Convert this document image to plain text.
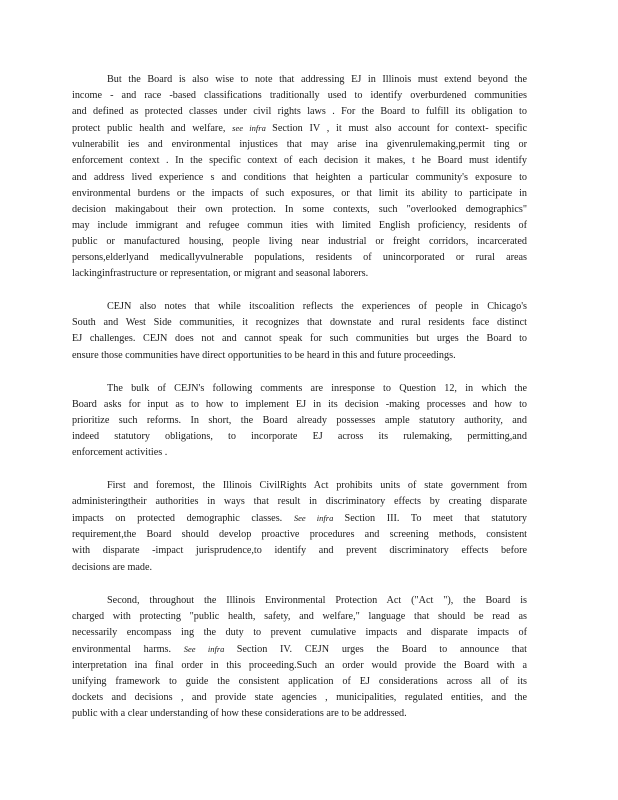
But the Board is also wise to note that addressing EJ in Illinois must extend beyond the
income - and race -based classifications traditionally used to identify overburdened communities
and defined as protected classes under civil rights laws . For the Board to fulfill its obligation to
protect public health and welfare, see infra Section IV , it must also account for context- specific
vulnerabilit ies and environmental injustices that may arise ina givenrulemaking,permit ting or
enforcement context . In the specific context of each decision it makes, t he Board must identify
and address lived experience s and conditions that heighten a particular community's exposure to
environmental burdens or the impacts of such exposures, or that limit its ability to participate in
decision makingabout their own protection. In some contexts, such "overlooked demographics"
may include immigrant and refugee commun ities with limited English proficiency, residents of
public or manufactured housing, people living near industrial or freight corridors, incarcerated
persons,elderlyand medicallyvulnerable populations, residents of unincorporated or rural areas
lackinginfrastructure or representation, or migrant and seasonal laborers.
CEJN also notes that while itscoalition reflects the experiences of people in Chicago's
South and West Side communities, it recognizes that downstate and rural residents face distinct
EJ challenges. CEJN does not and cannot speak for such communities but urges the Board to
ensure those communities have direct opportunities to be heard in this and future proceedings.
The bulk of CEJN's following comments are inresponse to Question 12, in which the
Board asks for input as to how to implement EJ in its decision -making processes and how to
prioritize such reforms. In short, the Board already possesses ample statutory authority, and
indeed statutory obligations, to incorporate EJ across its rulemaking, permitting,and
enforcement activities .
First and foremost, the Illinois CivilRights Act prohibits units of state government from
administeringtheir authorities in ways that result in discriminatory effects by creating disparate
impacts on protected demographic classes. See infra Section III. To meet that statutory
requirement,the Board should develop proactive procedures and screening methods, consistent
with disparate -impact jurisprudence,to identify and prevent discriminatory effects before
decisions are made.
Second, throughout the Illinois Environmental Protection Act ("Act "), the Board is
charged with protecting "public health, safety, and welfare," language that should be read as
necessarily encompass ing the duty to prevent cumulative impacts and disparate impacts of
environmental harms. See infra Section IV. CEJN urges the Board to announce that
interpretation ina final order in this proceeding.Such an order would provide the Board with a
unifying framework to guide the consistent application of EJ considerations across all of its
dockets and decisions , and provide state agencies , municipalities, regulated entities, and the
public with a clear understanding of how these considerations are to be addressed.
